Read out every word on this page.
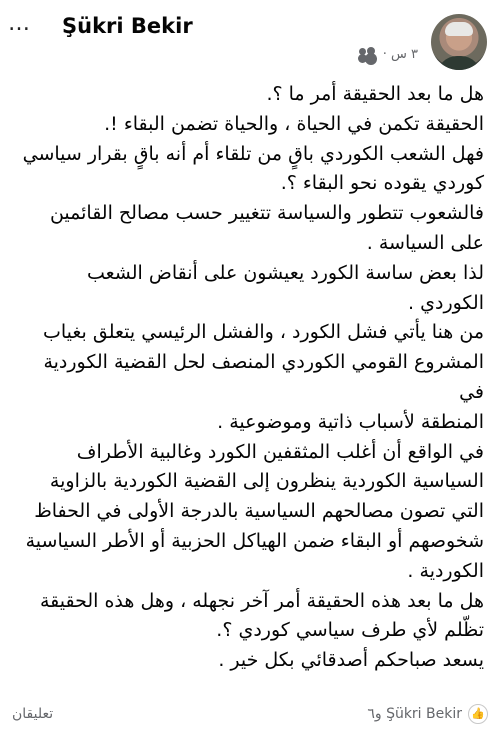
… Şükri Bekir
٣ س ·

هل ما بعد الحقيقة أمر ما ؟.

الحقيقة تكمن في الحياة ، والحياة تضمن البقاء !.

فهل الشعب الكوردي باقٍ من تلقاء أم أنه باقٍ بقرار سياسي

كوردي يقوده نحو البقاء ؟.

فالشعوب تتطور والسياسة تتغيير حسب مصالح القائمين

على السياسة .

لذا بعض ساسة الكورد يعيشون على أنقاض الشعب

الكوردي .

من هنا يأتي فشل الكورد ، والفشل الرئيسي يتعلق بغياب

المشروع القومي الكوردي المنصف لحل القضية الكوردية في

المنطقة لأسباب ذاتية وموضوعية .

في الواقع أن أغلب المثقفين الكورد وغالبية الأطراف

السياسية الكوردية ينظرون إلى القضية الكوردية بالزاوية

التي تصون مصالحهم السياسية بالدرجة الأولى في الحفاظ

شخوصهم أو البقاء ضمن الهياكل الحزبية أو الأطر السياسية

الكوردية .

هل ما بعد هذه الحقيقة أمر آخر نجهله ، وهل هذه الحقيقة

تظّلم لأي طرف سياسي كوردي ؟.

يسعد صباحكم أصدقائي بكل خير .

تعليقان	👍
Şükri Bekir و٦
